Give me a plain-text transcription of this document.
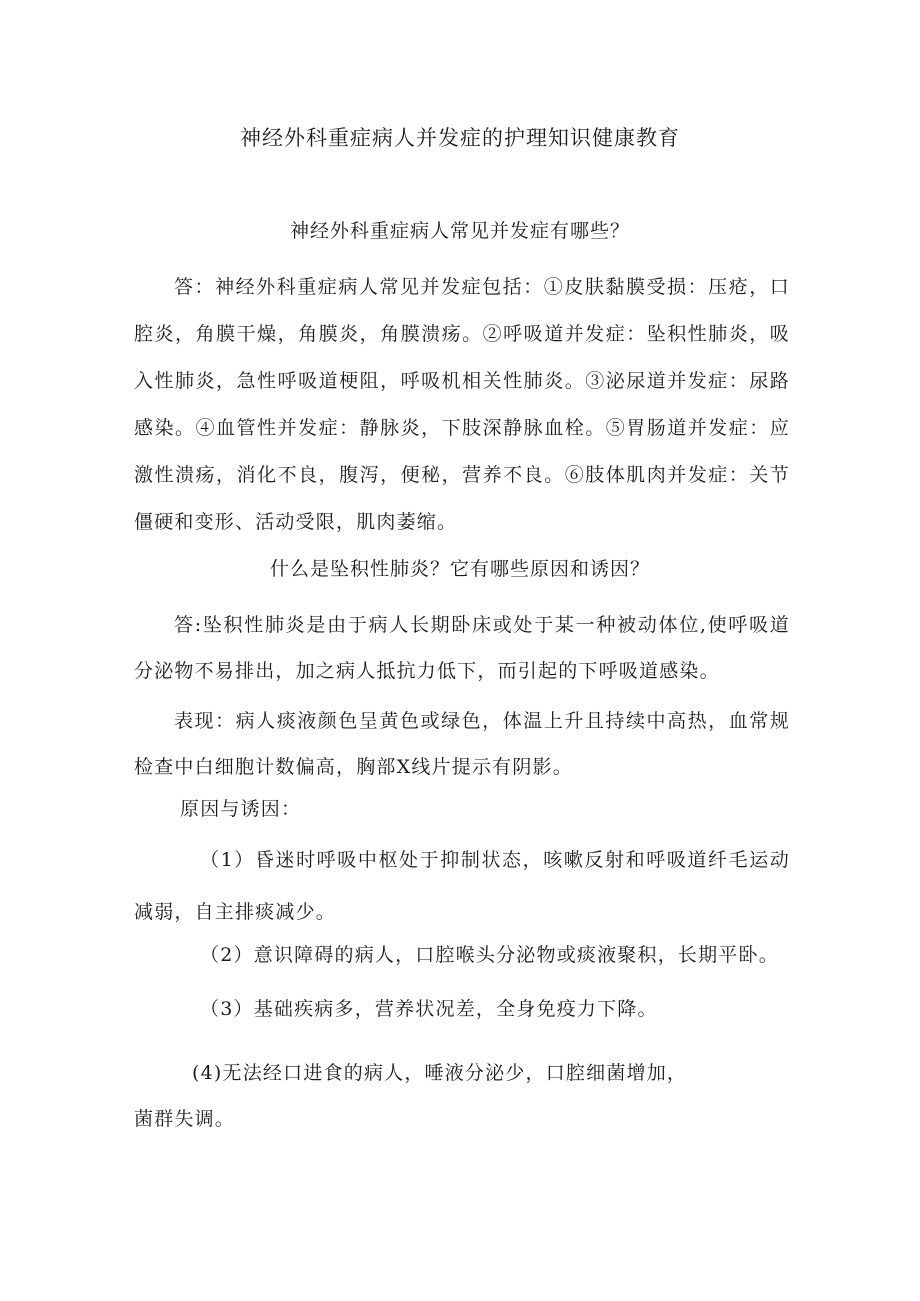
神经外科重症病人并发症的护理知识健康教育

神经外科重症病人常见并发症有哪些？

答：神经外科重症病人常见并发症包括：①皮肤黏膜受损：压疮，口腔炎，角膜干燥，角膜炎，角膜溃疡。②呼吸道并发症：坠积性肺炎，吸入性肺炎，急性呼吸道梗阻，呼吸机相关性肺炎。③泌尿道并发症：尿路感染。④血管性并发症：静脉炎，下肢深静脉血栓。⑤胃肠道并发症：应激性溃疡，消化不良，腹泻，便秘，营养不良。⑥肢体肌肉并发症：关节僵硬和变形、活动受限，肌肉萎缩。

什么是坠积性肺炎？它有哪些原因和诱因？

答:坠积性肺炎是由于病人长期卧床或处于某一种被动体位,使呼吸道分泌物不易排出，加之病人抵抗力低下，而引起的下呼吸道感染。

表现：病人痰液颜色呈黄色或绿色，体温上升且持续中高热，血常规检查中白细胞计数偏高，胸部X线片提示有阴影。

原因与诱因：

（1）昏迷时呼吸中枢处于抑制状态，咳嗽反射和呼吸道纤毛运动减弱，自主排痰减少。

（2）意识障碍的病人，口腔喉头分泌物或痰液聚积，长期平卧。

（3）基础疾病多，营养状况差，全身免疫力下降。

(4)无法经口进食的病人，唾液分泌少，口腔细菌增加，

菌群失调。
